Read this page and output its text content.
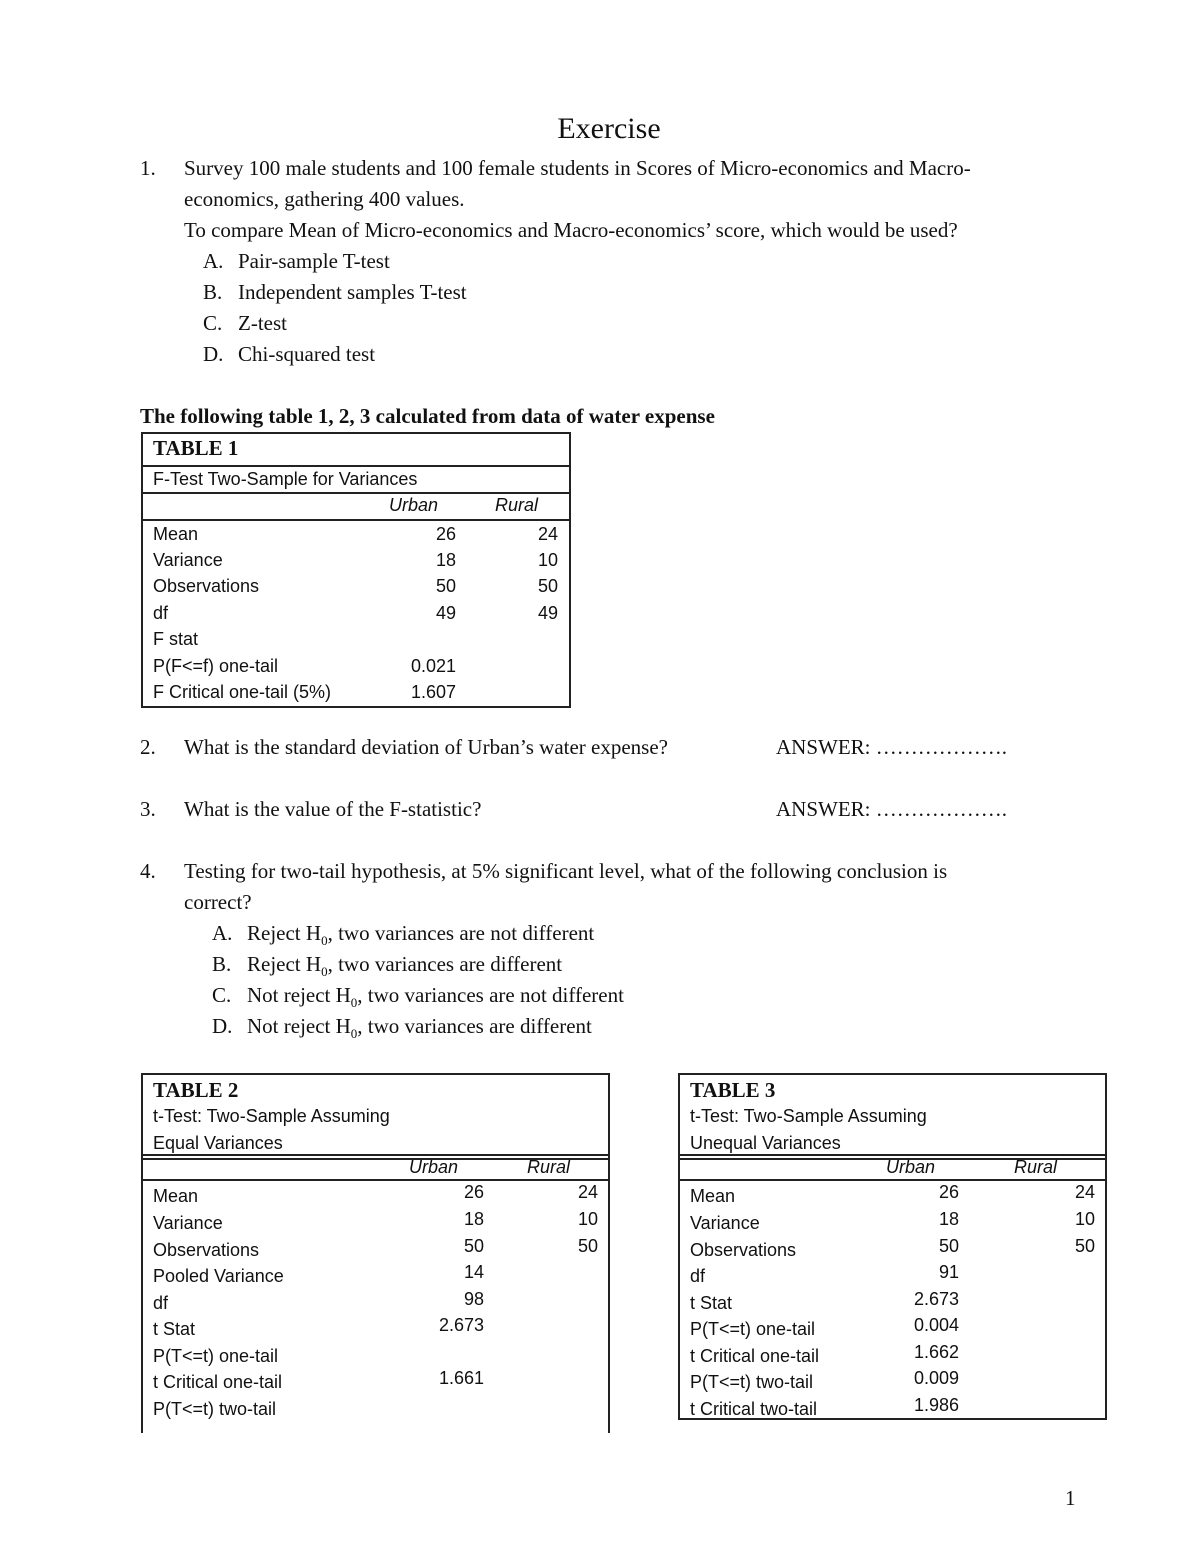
Exercise
1. Survey 100 male students and 100 female students in Scores of Micro-economics and Macro-
economics, gathering 400 values.
To compare Mean of Micro-economics and Macro-economics’ score, which would be used?
A. Pair-sample T-test
B. Independent samples T-test
C. Z-test
D. Chi-squared test
The following table 1, 2, 3 calculated from data of water expense
TABLE 1
F-Test Two-Sample for Variances
Urban	Rural
Mean	26	24
Variance	18	10
Observations	50	50
df	49	49
F stat
P(F<=f) one-tail	0.021
F Critical one-tail (5%)	1.607
2. What is the standard deviation of Urban’s water expense?	ANSWER: ……………….
3. What is the value of the F-statistic?	ANSWER: ……………….
4. Testing for two-tail hypothesis, at 5% significant level, what of the following conclusion is
correct?
A. Reject $H_0$, two variances are not different
B. Reject $H_0$, two variances are different
C. Not reject $H_0$, two variances are not different
D. Not reject $H_0$, two variances are different
TABLE 2
t-Test: Two-Sample Assuming
Equal Variances
Urban	Rural
Mean	26	24
Variance	18	10
Observations	50	50
Pooled Variance	14
df	98
t Stat	2.673
P(T<=t) one-tail
t Critical one-tail	1.661
P(T<=t) two-tail
TABLE 3
t-Test: Two-Sample Assuming
Unequal Variances
Urban	Rural
Mean	26	24
Variance	18	10
Observations	50	50
df	91
t Stat	2.673
P(T<=t) one-tail	0.004
t Critical one-tail	1.662
P(T<=t) two-tail	0.009
t Critical two-tail	1.986
1
